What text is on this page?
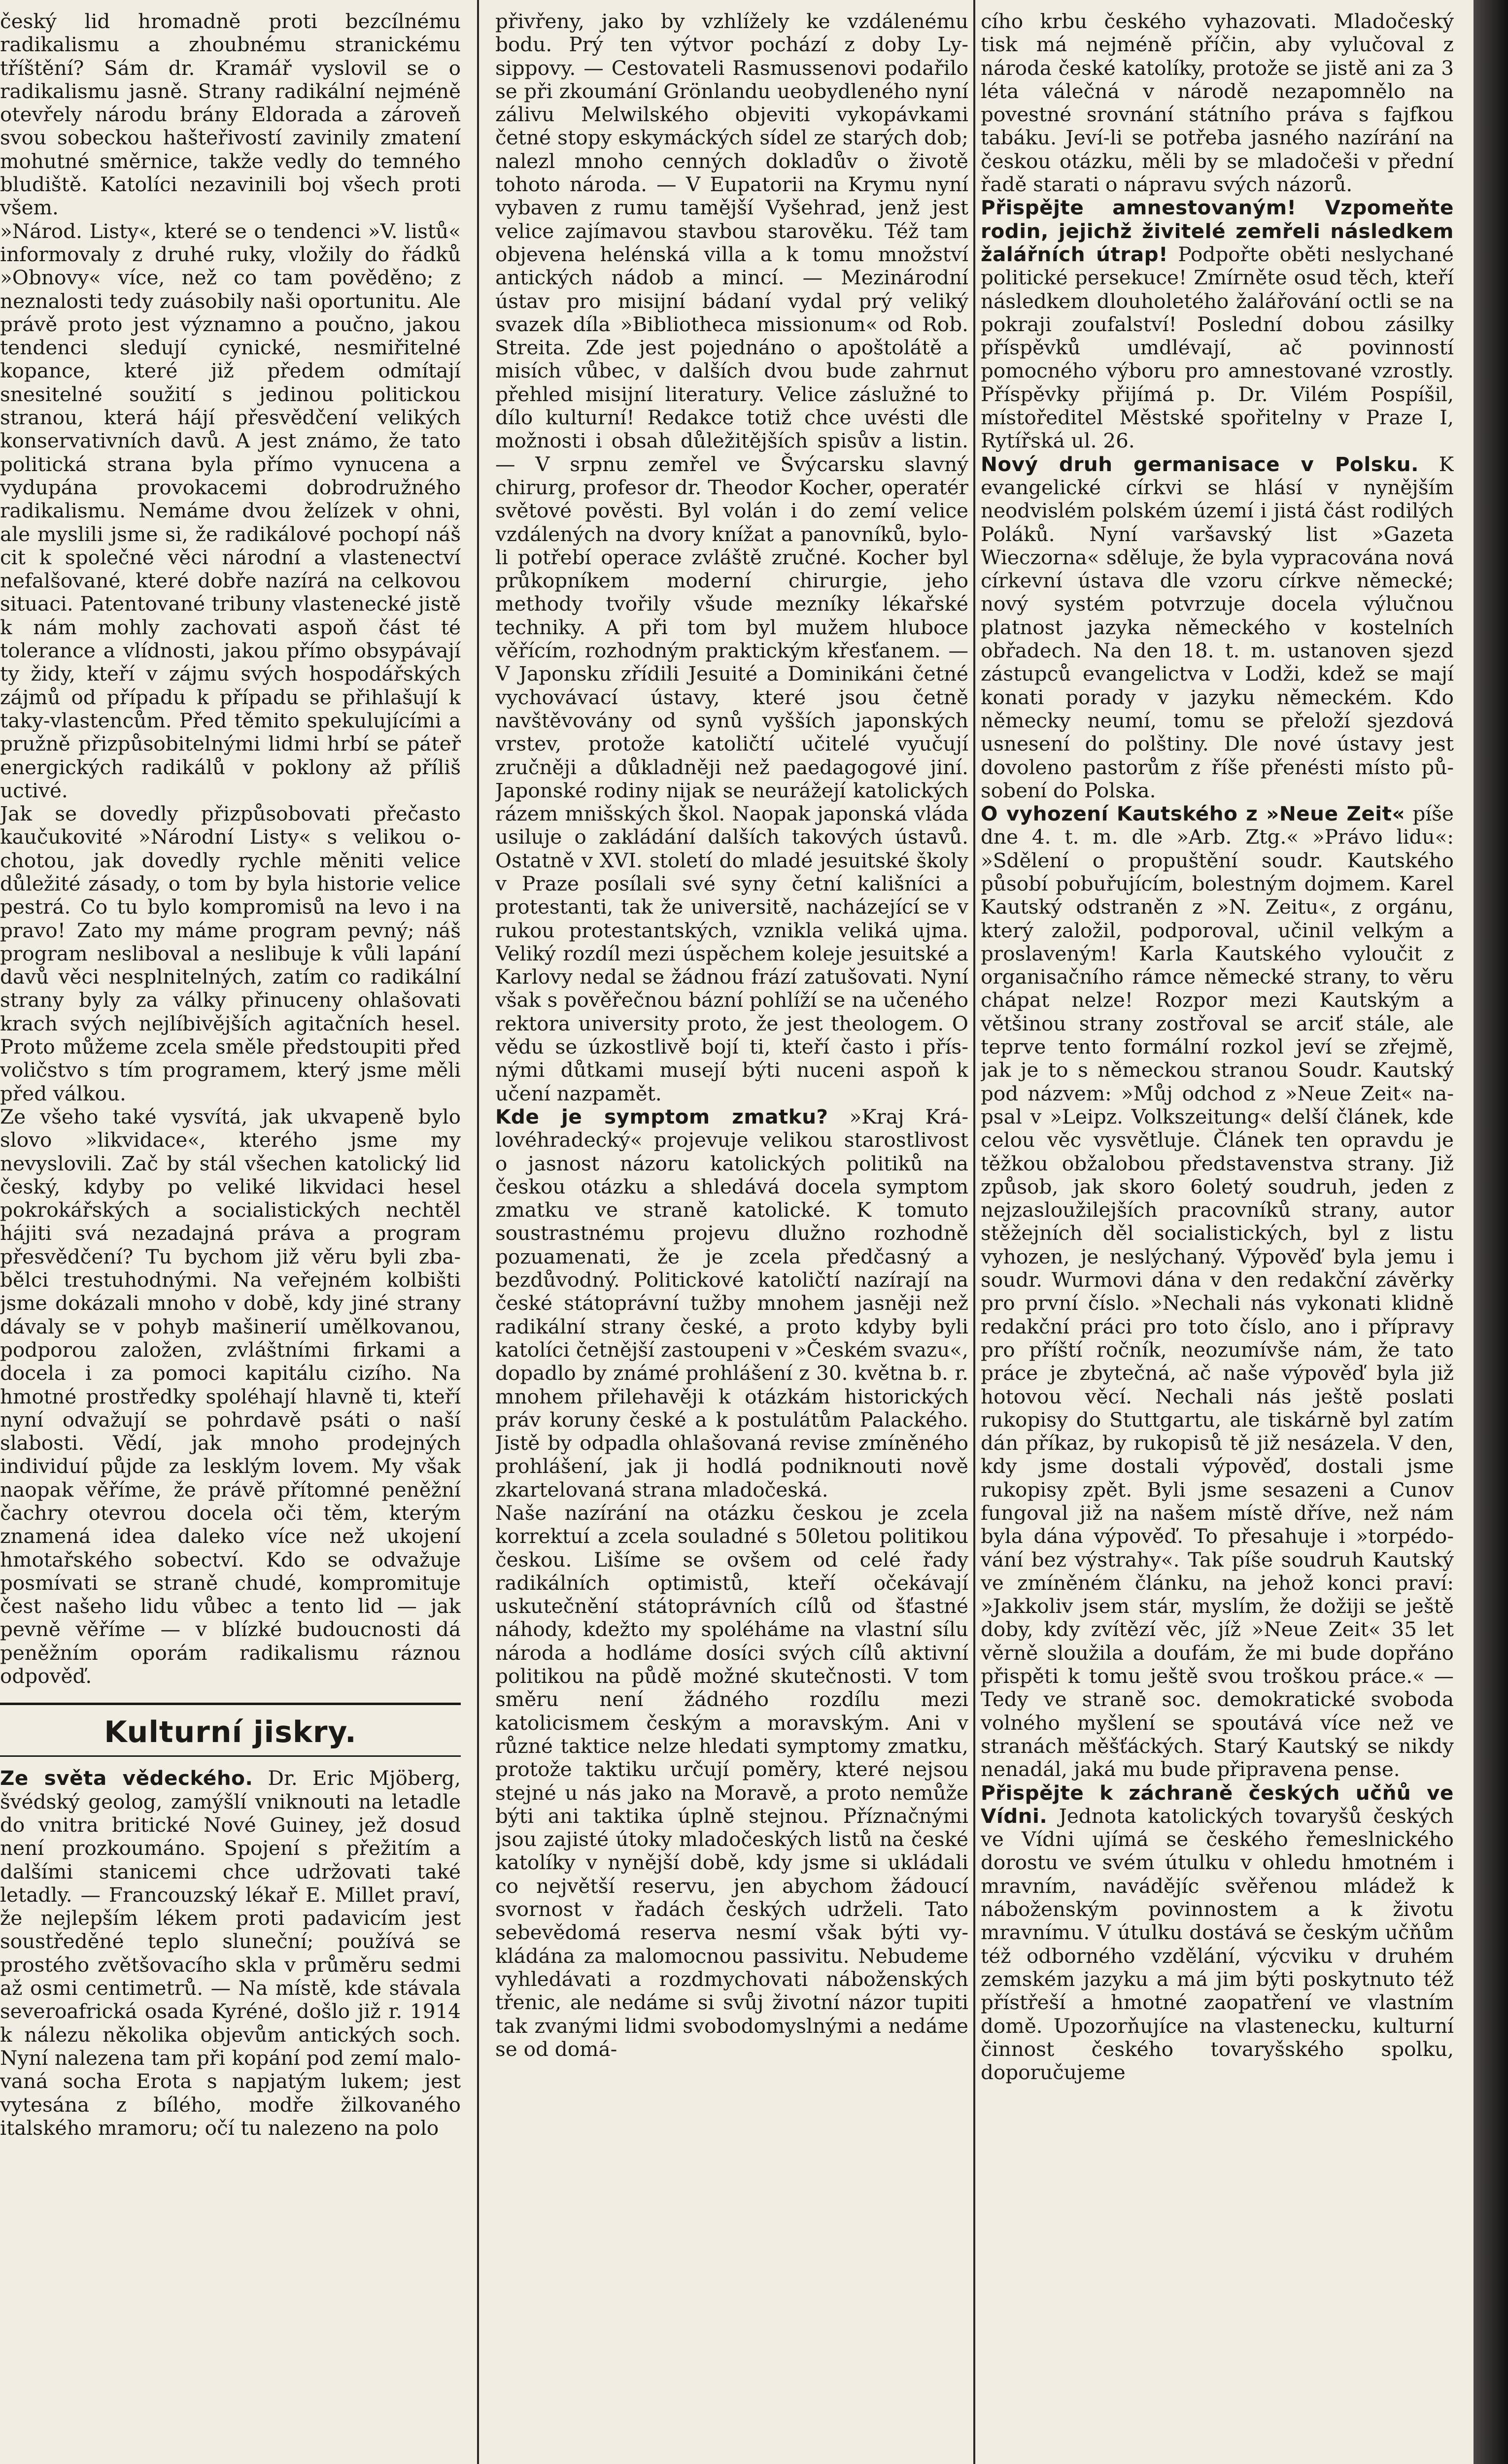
český lid hromadně proti bezcílnému radikalismu a zhoubnému stranickému tříštění? Sám dr. Kramář vyslovil se o radikalismu jasně. Strany radikální nejméně otevřely národu brány Eldorada a zároveň svou sobeckou hašteřivostí zavinily zmatení mohutné směrnice, takže vedly do temného bludiště. Katolíci nezavinili boj všech proti všem.

»Národ. Listy«, které se o tendenci »V. listů« informovaly z druhé ruky, vložily do řádků »Obnovy« více, než co tam pověděno; z neznalosti tedy zuásobily naši oportunitu. Ale právě proto jest významno a poučno, jakou tendenci sledují cynické, nesmiřitelné kopance, které již předem odmítají snesitelné soužití s jedinou politickou stranou, která hájí přesvědčení velikých konservativních davů. A jest známo, že tato politická strana byla přímo vynucena a vydupána provokacemi dobrodružného radikalismu. Nemáme dvou želízek v ohni, ale myslili jsme si, že radikálové pochopí náš cit k společné věci národní a vlastenectví nefalšované, které dobře nazírá na celkovou situaci. Patentované tribuny vlastenecké jistě k nám mohly zachovati aspoň část té tolerance a vlídnosti, jakou přímo obsypávají ty židy, kteří v zájmu svých hospodářských zájmů od případu k případu se přihlašují k taky-vlastencům. Před těmito spekulujícími a pružně přizpůsobitelnými lidmi hrbí se páteř energických radikálů v poklony až příliš uctivé.

Jak se dovedly přizpůsobovati přečasto kaučukovité »Národní Listy« s velikou ochotou, jak dovedly rychle měniti velice důležité zásady, o tom by byla historie velice pestrá. Co tu bylo kompromisů na levo i na pravo! Zato my máme program pevný; náš program nesliboval a neslibuje k vůli lapání davů věci nesplnitelných, zatím co radikální strany byly za války přinuceny ohlašovati krach svých nejlíbivějších agitačních hesel. Proto můžeme zcela směle předstoupiti před voličstvo s tím programem, který jsme měli před válkou.

Ze všeho také vysvítá, jak ukvapeně bylo slovo »likvidace«, kterého jsme my nevyslovili. Zač by stál všechen katolický lid český, kdyby po veliké likvidaci hesel pokrokářských a socialistických nechtěl hájiti svá nezadajná práva a program přesvědčení? Tu bychom již věru byli zbabělci trestuhodnými. Na veřejném kolbišti jsme dokázali mnoho v době, kdy jiné strany dávaly se v pohyb mašinerií umělkovanou, podporou založen, zvláštními firkami a docela i za pomoci kapitálu cizího. Na hmotné prostředky spoléhají hlavně ti, kteří nyní odvažují se pohrdavě psáti o naší slabosti. Vědí, jak mnoho prodejných individuí půjde za lesklým lovem. My však naopak věříme, že právě přítomné peněžní čachry otevrou docela oči těm, kterým znamená idea daleko více než ukojení hmotařského sobectví. Kdo se odvažuje posmívati se straně chudé, kompromituje čest našeho lidu vůbec a tento lid — jak pevně věříme — v blízké budoucnosti dá peněžním oporám radikalismu ráznou odpověď.

Kulturní jiskry.

Ze světa vědeckého. Dr. Eric Mjöberg, švédský geolog, zamýšlí vniknouti na letadle do vnitra britické Nové Guiney, jež dosud není prozkoumáno. Spojení s přežitím a dalšími stanicemi chce udržovati také letadly. — Francouzský lékař E. Millet praví, že nejlepším lékem proti padavicím jest soustředěné teplo sluneční; používá se prostého zvětšovacího skla v průměru sedmi až osmi centimetrů. — Na místě, kde stávala severoafrická osada Kyréné, došlo již r. 1914 k nálezu několika objevům antických soch. Nyní nalezena tam při kopání pod zemí malovaná socha Erota s napjatým lukem; jest vytesána z bílého, modře žilkovaného italského mramoru; očí tu nalezeno na polo

přivřeny, jako by vzhlížely ke vzdálenému bodu. Prý ten výtvor pochází z doby Lysippovy. — Cestovateli Rasmussenovi podařilo se při zkoumání Grönlandu ueobydleného nyní zálivu Melwilského objeviti vykopávkami četné stopy eskymáckých sídel ze starých dob; nalezl mnoho cenných dokladův o životě tohoto národa. — V Eupatorii na Krymu nyní vybaven z rumu tamější Vyšehrad, jenž jest velice zajímavou stavbou starověku. Též tam objevena helénská villa a k tomu množství antických nádob a mincí. — Mezinárodní ústav pro misijní bádaní vydal prý veliký svazek díla »Bibliotheca missionum« od Rob. Streita. Zde jest pojednáno o apoštolátě a misích vůbec, v dalších dvou bude zahrnut přehled misijní literatury. Velice záslužné to dílo kulturní! Redakce totiž chce uvésti dle možnosti i obsah důležitějších spisův a listin. — V srpnu zemřel ve Švýcarsku slavný chirurg, profesor dr. Theodor Kocher, operatér světové pověsti. Byl volán i do zemí velice vzdálených na dvory knížat a panovníků, bylo-li potřebí operace zvláště zručné. Kocher byl průkopníkem moderní chirurgie, jeho methody tvořily všude mezníky lékařské techniky. A při tom byl mužem hluboce věřícím, rozhodným praktickým křesťanem. — V Japonsku zřídili Jesuité a Dominikáni četné vychovávací ústavy, které jsou četně navštěvovány od synů vyšších japonských vrstev, protože katoličtí učitelé vyučují zručněji a důkladněji než paedagogové jiní. Japonské rodiny nijak se neurážejí katolických rázem mnišských škol. Naopak japonská vláda usiluje o zakládání dalších takových ústavů. Ostatně v XVI. století do mladé jesuitské školy v Praze posílali své syny četní kališníci a protestanti, tak že universitě, nacházející se v rukou protestantských, vznikla veliká ujma. Veliký rozdíl mezi úspěchem koleje jesuitské a Karlovy nedal se žádnou frází zatušovati. Nyní však s pověřečnou bázní pohlíží se na učeného rektora university proto, že jest theologem. O vědu se úzkostlivě bojí ti, kteří často i přísnými důtkami musejí býti nuceni aspoň k učení nazpamět.

Kde je symptom zmatku? »Kraj Královéhradecký« projevuje velikou starostlivost o jasnost názoru katolických politiků na českou otázku a shledává docela symptom zmatku ve straně katolické. K tomuto soustrastnému projevu dlužno rozhodně pozuamenati, že je zcela předčasný a bezdůvodný. Politickové katoličtí nazírají na české státoprávní tužby mnohem jasněji než radikální strany české, a proto kdyby byli katolíci četnější zastoupeni v »Českém svazu«, dopadlo by známé prohlášení z 30. května b. r. mnohem přilehavěji k otázkám historických práv koruny české a k postulátům Palackého. Jistě by odpadla ohlašovaná revise zmíněného prohlášení, jak ji hodlá podniknouti nově zkartelovaná strana mladočeská.

Naše nazírání na otázku českou je zcela korrektuí a zcela souladné s 50letou politikou českou. Lišíme se ovšem od celé řady radikálních optimistů, kteří očekávají uskutečnění státoprávních cílů od šťastné náhody, kdežto my spoléháme na vlastní sílu národa a hodláme dosíci svých cílů aktivní politikou na půdě možné skutečnosti. V tom směru není žádného rozdílu mezi katolicismem českým a moravským. Ani v různé taktice nelze hledati symptomy zmatku, protože taktiku určují poměry, které nejsou stejné u nás jako na Moravě, a proto nemůže býti ani taktika úplně stejnou. Příznačnými jsou zajisté útoky mladočeských listů na české katolíky v nynější době, kdy jsme si ukládali co největší reservu, jen abychom žádoucí svornost v řadách českých udrželi. Tato sebevědomá reserva nesmí však býti vykládána za malomocnou passivitu. Nebudeme vyhledávati a rozdmychovati náboženských třenic, ale nedáme si svůj životní názor tupiti tak zvanými lidmi svobodomyslnými a nedáme se od domá-

cího krbu českého vyhazovati. Mladočeský tisk má nejméně příčin, aby vylučoval z národa české katolíky, protože se jistě ani za 3 léta válečná v národě nezapomnělo na povestné srovnání státního práva s fajfkou tabáku. Jeví-li se potřeba jasného nazírání na českou otázku, měli by se mladočeši v přední řadě starati o nápravu svých názorů.

Přispějte amnestovaným! Vzpomeňte rodin, jejichž živitelé zemřeli následkem žalářních útrap! Podpořte oběti neslychané politické persekuce! Zmírněte osud těch, kteří následkem dlouholetého žalářování octli se na pokraji zoufalství! Poslední dobou zásilky příspěvků umdlévají, ač povinností pomocného výboru pro amnestované vzrostly. Příspěvky přijímá p. Dr. Vilém Pospíšil, místoředitel Městské spořitelny v Praze I, Rytířská ul. 26.

Nový druh germanisace v Polsku. K evangelické církvi se hlásí v nynějším neodvislém polském území i jistá část rodilých Poláků. Nyní varšavský list »Gazeta Wieczorna« sděluje, že byla vypracována nová církevní ústava dle vzoru církve německé; nový systém potvrzuje docela výlučnou platnost jazyka německého v kostelních obřadech. Na den 18. t. m. ustanoven sjezd zástupců evangelictva v Lodži, kdež se mají konati porady v jazyku německém. Kdo německy neumí, tomu se přeloží sjezdová usnesení do polštiny. Dle nové ústavy jest dovoleno pastorům z říše přenésti místo působení do Polska.

O vyhození Kautského z »Neue Zeit« píše dne 4. t. m. dle »Arb. Ztg.« »Právo lidu«: »Sdělení o propuštění soudr. Kautského působí pobuřujícím, bolestným dojmem. Karel Kautský odstraněn z »N. Zeitu«, z orgánu, který založil, podporoval, učinil velkým a proslaveným! Karla Kautského vyloučit z organisačního rámce německé strany, to věru chápat nelze! Rozpor mezi Kautským a většinou strany zostřoval se arciť stále, ale teprve tento formální rozkol jeví se zřejmě, jak je to s německou stranou Soudr. Kautský pod názvem: »Můj odchod z »Neue Zeit« napsal v »Leipz. Volkszeitung« delší článek, kde celou věc vysvětluje. Článek ten opravdu je těžkou obžalobou představenstva strany. Již způsob, jak skoro 6oletý soudruh, jeden z nejzasloužilejších pracovníků strany, autor stěžejních děl socialistických, byl z listu vyhozen, je neslýchaný. Výpověď byla jemu i soudr. Wurmovi dána v den redakční závěrky pro první číslo. »Nechali nás vykonati klidně redakční práci pro toto číslo, ano i přípravy pro příští ročník, neozumívše nám, že tato práce je zbytečná, ač naše výpověď byla již hotovou věcí. Nechali nás ještě poslati rukopisy do Stuttgartu, ale tiskárně byl zatím dán příkaz, by rukopisů tě již nesázela. V den, kdy jsme dostali výpověď, dostali jsme rukopisy zpět. Byli jsme sesazeni a Cunov fungoval již na našem místě dříve, než nám byla dána výpověď. To přesahuje i »torpédování bez výstrahy«. Tak píše soudruh Kautský ve zmíněném článku, na jehož konci praví: »Jakkoliv jsem stár, myslím, že dožiji se ještě doby, kdy zvítězí věc, jíž »Neue Zeit« 35 let věrně sloužila a doufám, že mi bude dopřáno přispěti k tomu ještě svou troškou práce.« — Tedy ve straně soc. demokratické svoboda volného myšlení se spoutává více než ve stranách měšťáckých. Starý Kautský se nikdy nenadál, jaká mu bude připravena pense.

Přispějte k záchraně českých učňů ve Vídni. Jednota katolických tovaryšů českých ve Vídni ujímá se českého řemeslnického dorostu ve svém útulku v ohledu hmotném i mravním, navádějíc svěřenou mládež k náboženským povinnostem a k životu mravnímu. V útulku dostává se českým učňům též odborného vzdělání, výcviku v druhém zemském jazyku a má jim býti poskytnuto též přístřeší a hmotné zaopatření ve vlastním domě. Upozorňujíce na vlastenecku, kulturní činnost českého tovaryšského spolku, doporučujeme
